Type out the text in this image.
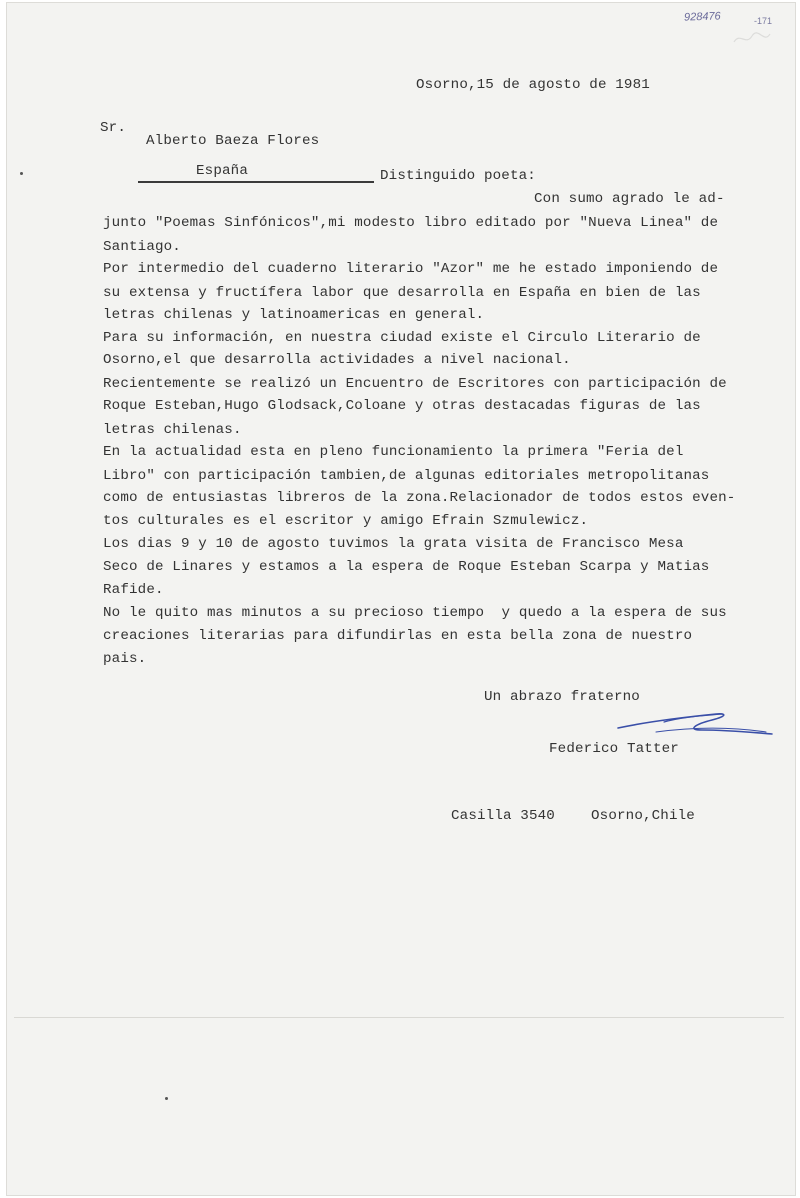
928476	-171
Osorno,15 de agosto de 1981
Sr.
Alberto Baeza Flores
España	Distinguido poeta:
Con sumo agrado le ad-
junto "Poemas Sinfónicos",mi modesto libro editado por "Nueva Linea" de
Santiago.
Por intermedio del cuaderno literario "Azor" me he estado imponiendo de
su extensa y fructífera labor que desarrolla en España en bien de las
letras chilenas y latinoamericas en general.
Para su información, en nuestra ciudad existe el Circulo Literario de
Osorno,el que desarrolla actividades a nivel nacional.
Recientemente se realizó un Encuentro de Escritores con participación de
Roque Esteban,Hugo Glodsack,Coloane y otras destacadas figuras de las
letras chilenas.
En la actualidad esta en pleno funcionamiento la primera "Feria del
Libro" con participación tambien,de algunas editoriales metropolitanas
como de entusiastas libreros de la zona.Relacionador de todos estos even-
tos culturales es el escritor y amigo Efrain Szmulewicz.
Los dias 9 y 10 de agosto tuvimos la grata visita de Francisco Mesa
Seco de Linares y estamos a la espera de Roque Esteban Scarpa y Matias
Rafide.
No le quito mas minutos a su precioso tiempo  y quedo a la espera de sus
creaciones literarias para difundirlas en esta bella zona de nuestro
pais.
Un abrazo fraterno
Federico Tatter
Casilla 3540	Osorno,Chile
